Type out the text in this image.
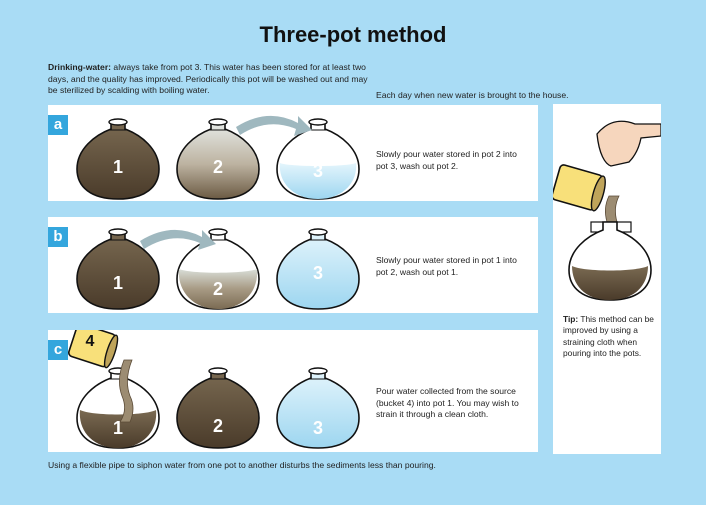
Three-pot method
Drinking-water: always take from pot 3. This water has been stored for at least two days, and the quality has improved. Periodically this pot will be washed out and may be sterilized by scalding with boiling water.	Each day when new water is brought to the house.
a
1	2	3
Slowly pour water stored in pot 2 into pot 3, wash out pot 2.
b
1	2
3
Slowly pour water stored in pot 1 into pot 2, wash out pot 1.
c	4
1	2	3
Pour water collected from the source (bucket 4) into pot 1. You may wish to strain it through a clean cloth.
Tip: This method can be improved by using a straining cloth when pouring into the pots.
Using a flexible pipe to siphon water from one pot to another disturbs the sediments less than pouring.
